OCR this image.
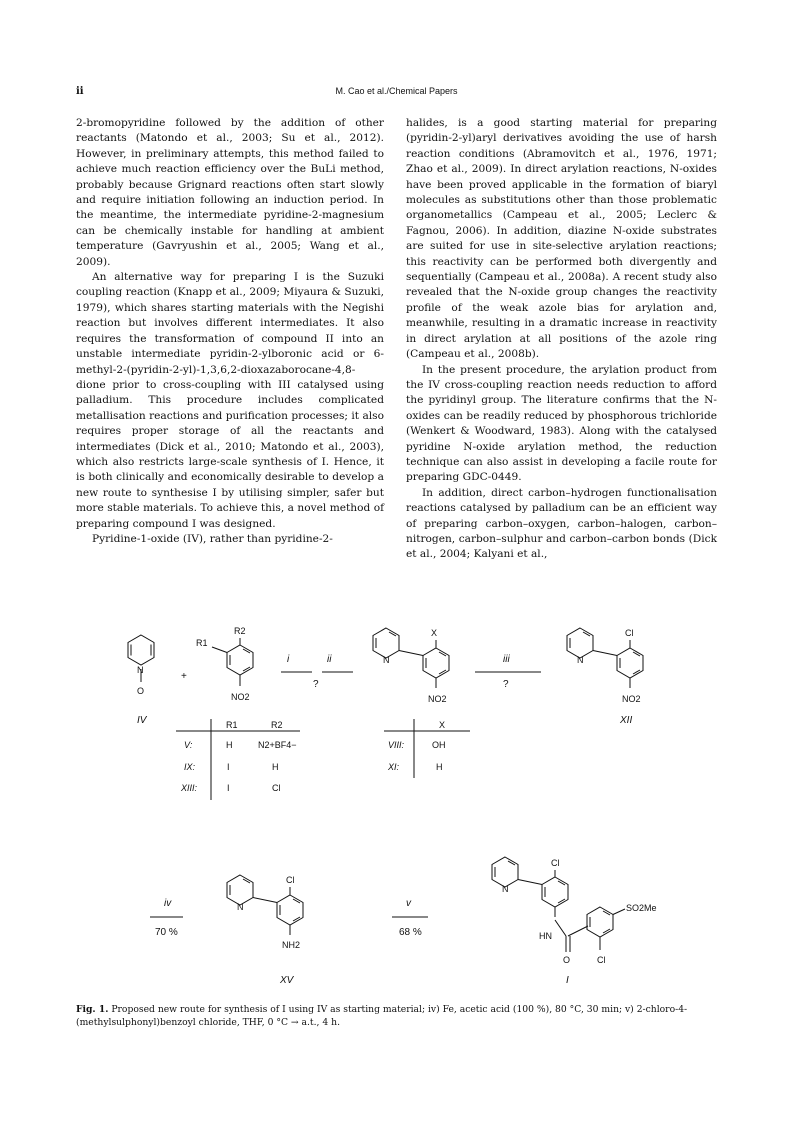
ii	M. Cao et al./Chemical Papers

2-bromopyridine followed by the addition of other reactants (Matondo et al., 2003; Su et al., 2012). However, in preliminary attempts, this method failed to achieve much reaction efficiency over the BuLi method, probably because Grignard reactions often start slowly and require initiation following an induction period. In the meantime, the intermediate pyridine-2-magnesium can be chemically instable for handling at ambient temperature (Gavryushin et al., 2005; Wang et al., 2009).

An alternative way for preparing I is the Suzuki coupling reaction (Knapp et al., 2009; Miyaura & Suzuki, 1979), which shares starting materials with the Negishi reaction but involves different intermediates. It also requires the transformation of compound II into an unstable intermediate pyridin-2-ylboronic acid or 6-methyl-2-(pyridin-2-yl)-1,3,6,2-dioxazaborocane-4,8-dione prior to cross-coupling with III catalysed using palladium. This procedure includes complicated metallisation reactions and purification processes; it also requires proper storage of all the reactants and intermediates (Dick et al., 2010; Matondo et al., 2003), which also restricts large-scale synthesis of I. Hence, it is both clinically and economically desirable to develop a new route to synthesise I by utilising simpler, safer but more stable materials. To achieve this, a novel method of preparing compound I was designed.

Pyridine-1-oxide (IV), rather than pyridine-2-

halides, is a good starting material for preparing (pyridin-2-yl)aryl derivatives avoiding the use of harsh reaction conditions (Abramovitch et al., 1976, 1971; Zhao et al., 2009). In direct arylation reactions, N-oxides have been proved applicable in the formation of biaryl molecules as substitutions other than those problematic organometallics (Campeau et al., 2005; Leclerc & Fagnou, 2006). In addition, diazine N-oxide substrates are suited for use in site-selective arylation reactions; this reactivity can be performed both divergently and sequentially (Campeau et al., 2008a). A recent study also revealed that the N-oxide group changes the reactivity profile of the weak azole bias for arylation and, meanwhile, resulting in a dramatic increase in reactivity in direct arylation at all positions of the azole ring (Campeau et al., 2008b).

In the present procedure, the arylation product from the IV cross-coupling reaction needs reduction to afford the pyridinyl group. The literature confirms that the N-oxides can be readily reduced by phosphorous trichloride (Wenkert & Woodward, 1983). Along with the catalysed pyridine N-oxide arylation method, the reduction technique can also assist in developing a facile route for preparing GDC-0449.

In addition, direct carbon–hydrogen functionalisation reactions catalysed by palladium can be an efficient way of preparing carbon–oxygen, carbon–halogen, carbon–nitrogen, carbon–sulphur and carbon–carbon bonds (Dick et al., 2004; Kalyani et al.,

IV
N
O
+
R2
R1
NO2
i	ii
?
iii
?
N
X
NO2
N
Cl
NO2
XII
R1	R2
V:	H	N2+BF4−
IX:	I	H
XIII:	I	Cl
X
VIII:	OH
XI:	H
iv
70 %
N
Cl
NH2
XV
v
68 %
N
Cl
HN
O
SO2Me
Cl
I
Fig. 1. Proposed new route for synthesis of I using IV as starting material; iv) Fe, acetic acid (100 %), 80 °C, 30 min; v) 2-chloro-4-(methylsulphonyl)benzoyl chloride, THF, 0 °C → a.t., 4 h.
